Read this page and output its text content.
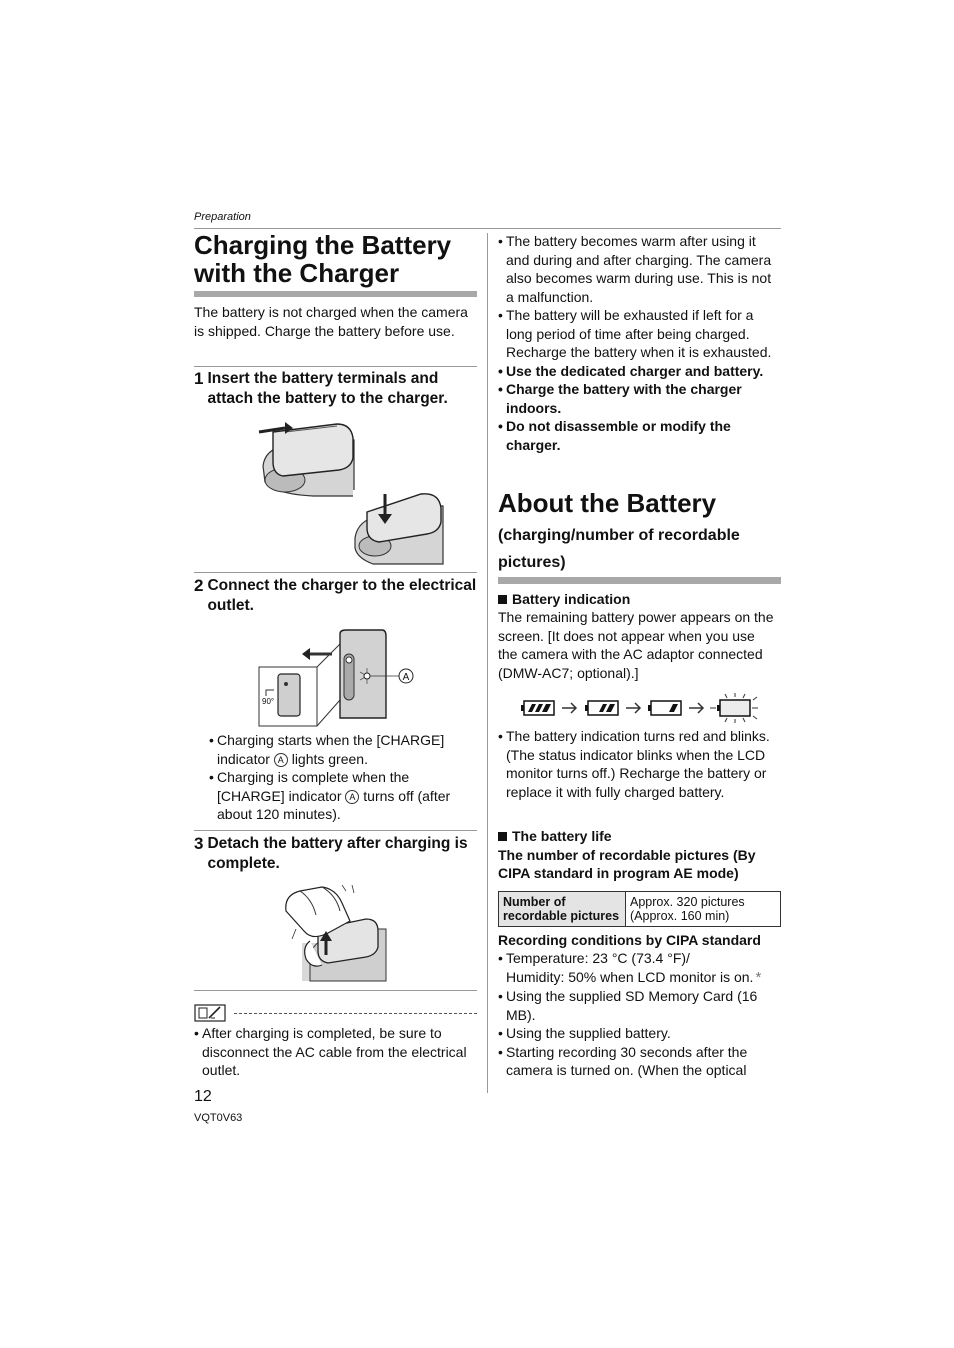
Preparation
Charging the Battery
with the Charger
The battery is not charged when the camera is shipped. Charge the battery before use.
1 Insert the battery terminals and attach the battery to the charger.
2 Connect the charger to the electrical outlet.
90°
A
• Charging starts when the [CHARGE] indicator A lights green.
• Charging is complete when the [CHARGE] indicator A turns off (after about 120 minutes).
3 Detach the battery after charging is complete.
• After charging is completed, be sure to disconnect the AC cable from the electrical outlet.
12
VQT0V63
• The battery becomes warm after using it and during and after charging. The camera also becomes warm during use. This is not a malfunction.
• The battery will be exhausted if left for a long period of time after being charged. Recharge the battery when it is exhausted.
• Use the dedicated charger and battery.
• Charge the battery with the charger indoors.
• Do not disassemble or modify the charger.
About the Battery
(charging/number of recordable
pictures)
Battery indication
The remaining battery power appears on the screen. [It does not appear when you use the camera with the AC adaptor connected (DMW-AC7; optional).]
• The battery indication turns red and blinks. (The status indicator blinks when the LCD monitor turns off.) Recharge the battery or replace it with fully charged battery.
The battery life
The number of recordable pictures (By CIPA standard in program AE mode)
Number of recordable pictures	
Approx. 320 pictures
(Approx. 160 min)
Recording conditions by CIPA standard
• Temperature: 23 °C (73.4 °F)/
Humidity: 50% when LCD monitor is on. *
• Using the supplied SD Memory Card (16 MB).
• Using the supplied battery.
• Starting recording 30 seconds after the camera is turned on. (When the optical
